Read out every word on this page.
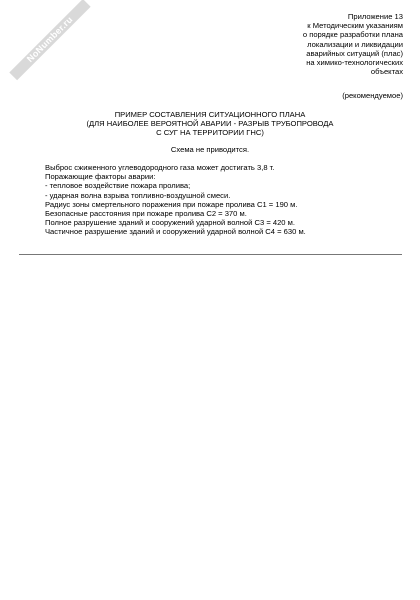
NoNumber.ru	Приложение 13
к Методическим указаниям
о порядке разработки плана
локализации и ликвидации
аварийных ситуаций (плас)
на химико-технологических
объектах
(рекомендуемое)
ПРИМЕР СОСТАВЛЕНИЯ СИТУАЦИОННОГО ПЛАНА
(ДЛЯ НАИБОЛЕЕ ВЕРОЯТНОЙ АВАРИИ - РАЗРЫВ ТРУБОПРОВОДА
С СУГ НА ТЕРРИТОРИИ ГНС)
Схема не приводится.
Выброс сжиженного углеводородного газа может достигать 3,8 т.
Поражающие факторы аварии:
- тепловое воздействие пожара пролива;
- ударная волна взрыва топливно-воздушной смеси.
Радиус зоны смертельного поражения при пожаре пролива С1 = 190 м.
Безопасные расстояния при пожаре пролива С2 = 370 м.
Полное разрушение зданий и сооружений ударной волной С3 = 420 м.
Частичное разрушение зданий и сооружений ударной волной С4 = 630 м.
